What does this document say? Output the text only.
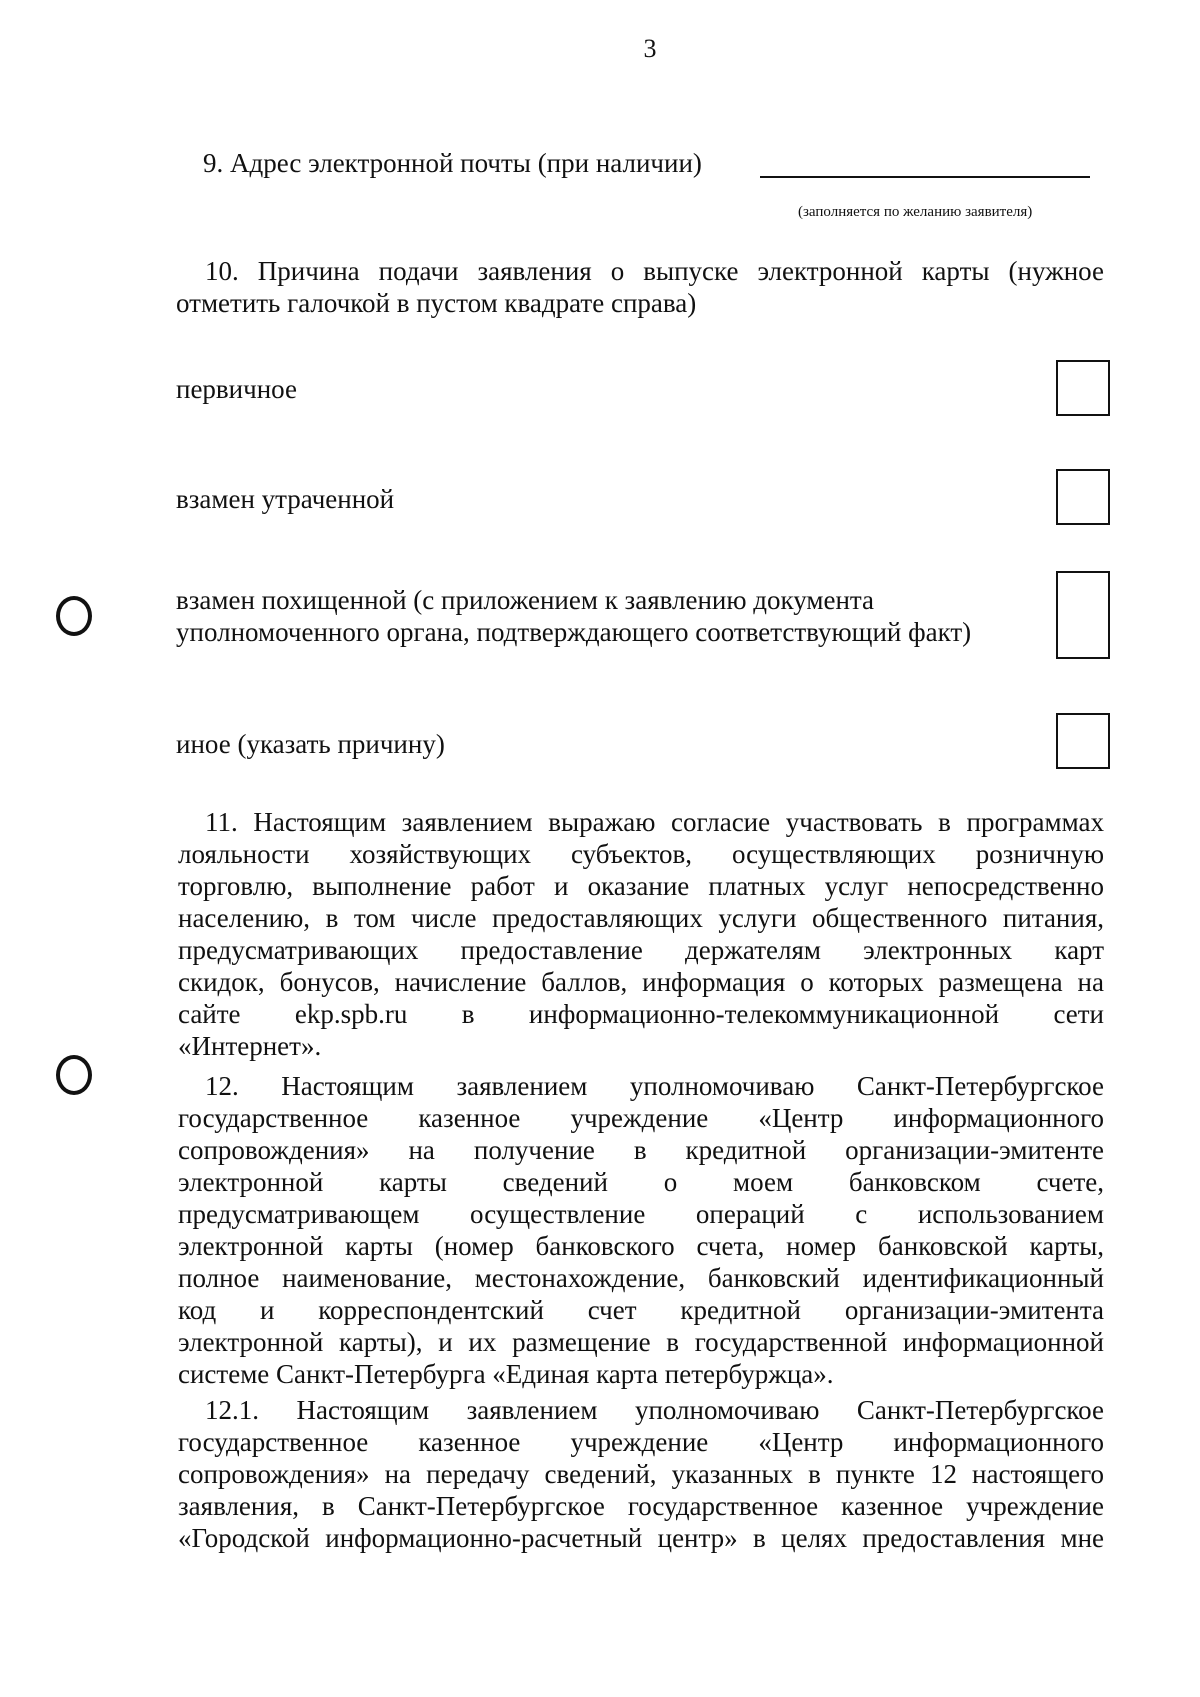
3
9. Адрес электронной почты (при наличии)
(заполняется по желанию заявителя)
10. Причина подачи заявления о выпуске электронной карты (нужное
отметить галочкой в пустом квадрате справа)
первичное
взамен утраченной
взамен похищенной (с приложением к заявлению документа
уполномоченного органа, подтверждающего соответствующий факт)
иное (указать причину)
11. Настоящим заявлением выражаю согласие участвовать в программах
лояльности хозяйствующих субъектов, осуществляющих розничную
торговлю, выполнение работ и оказание платных услуг непосредственно
населению, в том числе предоставляющих услуги общественного питания,
предусматривающих предоставление держателям электронных карт
скидок, бонусов, начисление баллов, информация о которых размещена на
сайте ekp.spb.ru в информационно-телекоммуникационной сети
«Интернет».
12. Настоящим заявлением уполномочиваю Санкт-Петербургское
государственное казенное учреждение «Центр информационного
сопровождения» на получение в кредитной организации-эмитенте
электронной карты сведений о моем банковском счете,
предусматривающем осуществление операций с использованием
электронной карты (номер банковского счета, номер банковской карты,
полное наименование, местонахождение, банковский идентификационный
код и корреспондентский счет кредитной организации-эмитента
электронной карты), и их размещение в государственной информационной
системе Санкт-Петербурга «Единая карта петербуржца».
12.1. Настоящим заявлением уполномочиваю Санкт-Петербургское
государственное казенное учреждение «Центр информационного
сопровождения» на передачу сведений, указанных в пункте 12 настоящего
заявления, в Санкт-Петербургское государственное казенное учреждение
«Городской информационно-расчетный центр» в целях предоставления мне
